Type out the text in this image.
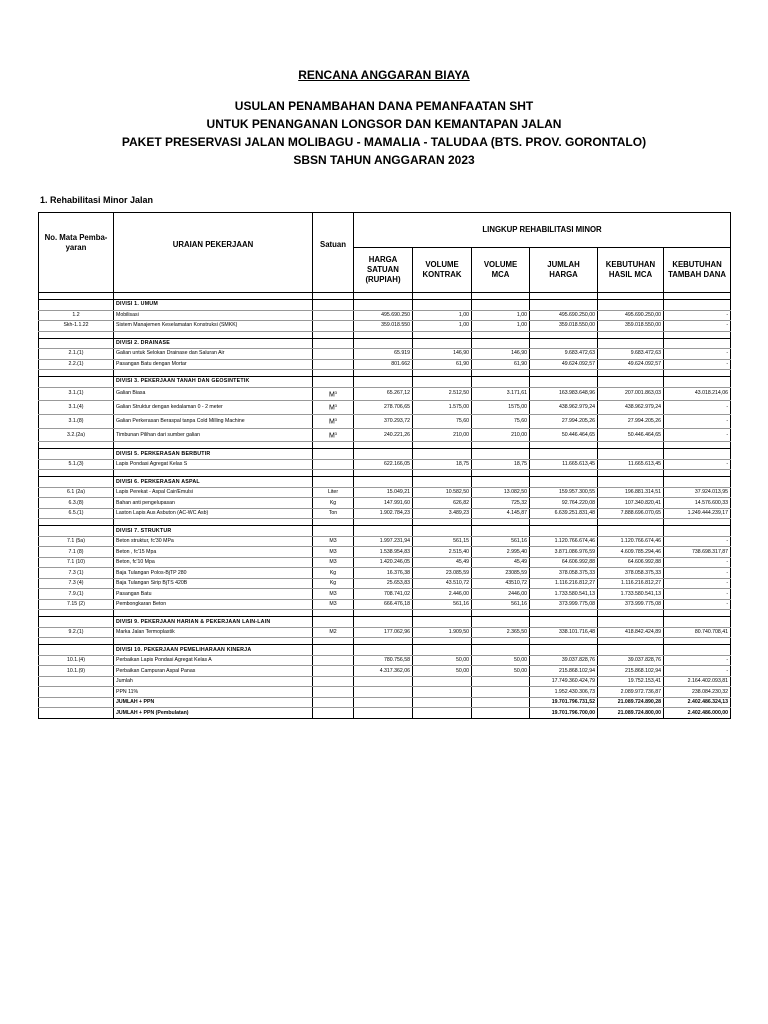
RENCANA ANGGARAN BIAYA

USULAN PENAMBAHAN DANA PEMANFAATAN SHT

UNTUK PENANGANAN LONGSOR DAN KEMANTAPAN JALAN

PAKET PRESERVASI JALAN MOLIBAGU - MAMALIA - TALUDAA (BTS. PROV. GORONTALO)

SBSN TAHUN ANGGARAN 2023

1. Rehabilitasi Minor Jalan
No. Mata Pemba- yaran	URAIAN PEKERJAAN	Satuan	LINGKUP REHABILITASI MINOR					
			HARGA SATUAN (RUPIAH)	VOLUME KONTRAK	VOLUME MCA	JUMLAH HARGA	KEBUTUHAN HASIL MCA	KEBUTUHAN TAMBAH DANA

	DIVISI 1. UMUM							
1.2	Mobilisasi		495.690.250	1,00	1,00	495.690.250,00	495.690.250,00	-
Skh-1.1.22	Sistem Manajemen Keselamatan Konstruksi (SMKK)		359.018.550	1,00	1,00	359.018.550,00	359.018.550,00	-

	DIVISI 2. DRAINASE							
2.1.(1)	Galian untuk Selokan Drainase dan Saluran Air		65.919	146,90	146,90	9.683.472,63	9.683.472,63	-
2.2.(1)	Pasangan Batu dengan Mortar		801.662	61,90	61,90	49.624.092,57	49.624.092,57	-

	DIVISI 3. PEKERJAAN TANAH DAN GEOSINTETIK							
3.1.(1)	Galian Biasa	$M^3$	65.267,12	2.512,50	3.171,61	163.983.648,96	207.001.863,03	43.018.214,06
3.1.(4)	Galian Struktur dengan kedalaman 0 - 2 meter	$M^3$	278.706,65	1.575,00	1575,00	438.962.979,24	438.962.979,24	-
3.1.(8)	Galian Perkerasan Beraspal tanpa Cold Milling Machine	$M^3$	370.293,72	75,60	75,60	27.994.205,26	27.994.205,26	-
3.2.(2a)	Timbunan Pilihan dari sumber galian	$M^3$	240.221,26	210,00	210,00	50.446.464,65	50.446.464,65	-

	DIVISI 5. PERKERASAN BERBUTIR							
5.1.(3)	Lapis Pondasi Agregat Kelas S		622.166,05	18,75	18,75	11.665.613,45	11.665.613,45	-

	DIVISI 6. PERKERASAN ASPAL							
6.1 (2a)	Lapis Perekat - Aspal Cair/Emulsi	Liter	15.049,21	10.582,50	13.082,50	159.957.300,55	196.881.314,51	37.924.013,95
6.3.(8)	Bahan anti pengelupasan	Kg	147.991,60	626,82	725,32	92.764.220,08	107.340.820,41	14.576.600,33
6.5.(1)	Laston Lapis Aus Asbuton (AC-WC Asb)	Ton	1.902.784,23	3.489,23	4.145,87	6.639.251.831,48	7.888.696.070,65	1.249.444.239,17

	DIVISI 7. STRUKTUR							
7.1 (5a)	Beton struktur, fc'30 MPa	M3	1.997.231,94	561,15	561,16	1.120.766.674,46	1.120.766.674,46	-
7.1 (8)	Beton , fc'15 Mpa	M3	1.538.954,83	2.515,40	2.995,40	3.871.086.976,59	4.609.785.294,46	738.698.317,87
7.1 (10)	Beton, fc'10 Mpa	M3	1.420.246,05	45,49	45,49	64.606.992,88	64.606.992,88	-
7.3 (1)	Baja Tulangan Polos-BjTP 280	Kg	16.376,38	23.085,59	23085,59	378.058.375,33	378.058.375,33	-
7.3 (4)	Baja Tulangan Sirip BjTS 420B	Kg	25.653,83	43.510,72	43510,72	1.116.216.812,27	1.116.216.812,27	-
7.9.(1)	Pasangan Batu	M3	708.741,02	2.446,00	2446,00	1.733.580.541,13	1.733.580.541,13	-
7.15 (2)	Pembongkaran Beton	M3	666.476,18	561,16	561,16	373.999.775,08	373.999.775,08	-

	DIVISI 9. PEKERJAAN HARIAN & PEKERJAAN LAIN-LAIN							
9.2.(1)	Marka Jalan Termoplastik	M2	177.062,96	1.909,50	2.365,50	338.101.716,48	418.842.424,89	80.740.708,41

	DIVISI 10. PEKERJAAN PEMELIHARAAN KINERJA							
10.1.(4)	Perbaikan Lapis Pondasi Agregat Kelas A		780.756,58	50,00	50,00	39.037.828,76	39.037.828,76	-
10.1.(9)	Perbaikan Campuran Aspal Panas		4.317.362,06	50,00	50,00	215.868.102,94	215.868.102,94	-
	Jumlah					17.749.360.424,79	19.752.153,41	2.164.402.093,81
	PPN 11%					1.952.430.306,73	2.089.972.736,87	238.084.230,32
	JUMLAH + PPN					19.701.796.731,52	21.089.724.890,28	2.402.486.324,13
	JUMLAH + PPN (Pembulatan)					19.701.796.700,00	21.089.724.800,00	2.402.486.000,00
